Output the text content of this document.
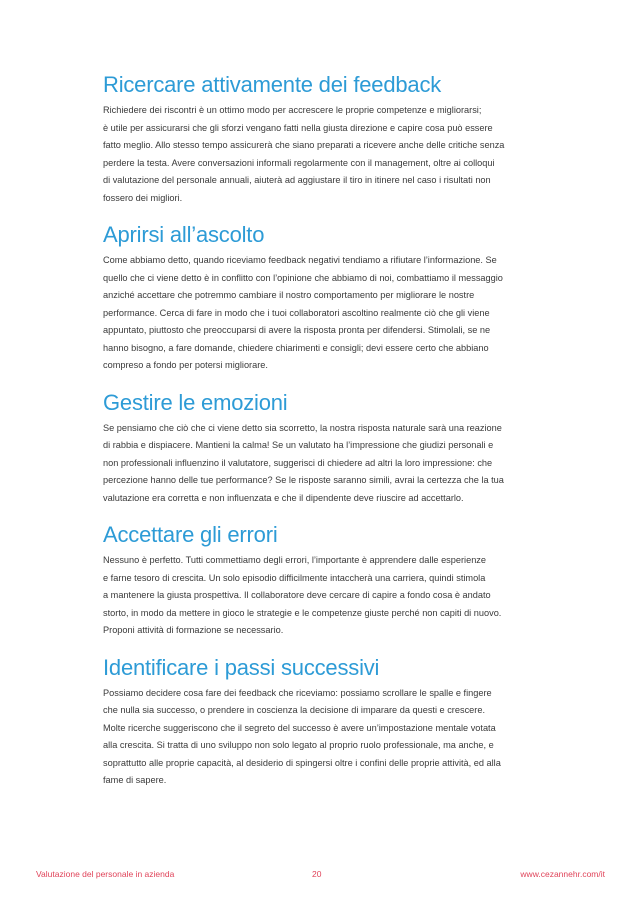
Ricercare attivamente dei feedback
Richiedere dei riscontri è un ottimo modo per accrescere le proprie competenze e migliorarsi;
è utile per assicurarsi che gli sforzi vengano fatti nella giusta direzione e capire cosa può essere
fatto meglio. Allo stesso tempo assicurerà che siano preparati a ricevere anche delle critiche senza
perdere la testa. Avere conversazioni informali regolarmente con il management, oltre ai colloqui
di valutazione del personale annuali, aiuterà ad aggiustare il tiro in itinere nel caso i risultati non
fossero dei migliori.
Aprirsi all’ascolto
Come abbiamo detto, quando riceviamo feedback negativi tendiamo a rifiutare l’informazione. Se
quello che ci viene detto è in conflitto con l’opinione che abbiamo di noi, combattiamo il messaggio
anziché accettare che potremmo cambiare il nostro comportamento per migliorare le nostre
performance. Cerca di fare in modo che i tuoi collaboratori ascoltino realmente ciò che gli viene
appuntato, piuttosto che preoccuparsi di avere la risposta pronta per difendersi. Stimolali, se ne
hanno bisogno, a fare domande, chiedere chiarimenti e consigli; devi essere certo che abbiano
compreso a fondo per potersi migliorare.
Gestire le emozioni
Se pensiamo che ciò che ci viene detto sia scorretto, la nostra risposta naturale sarà una reazione
di rabbia e dispiacere. Mantieni la calma! Se un valutato ha l’impressione che giudizi personali e
non professionali influenzino il valutatore, suggerisci di chiedere ad altri la loro impressione: che
percezione hanno delle tue performance? Se le risposte saranno simili, avrai la certezza che la tua
valutazione era corretta e non influenzata e che il dipendente deve riuscire ad accettarlo.
Accettare gli errori
Nessuno è perfetto. Tutti commettiamo degli errori, l’importante è apprendere dalle esperienze
e farne tesoro di crescita. Un solo episodio difficilmente intaccherà una carriera, quindi stimola
a mantenere la giusta prospettiva. Il collaboratore deve cercare di capire a fondo cosa è andato
storto, in modo da mettere in gioco le strategie e le competenze giuste perché non capiti di nuovo.
Proponi attività di formazione se necessario.
Identificare i passi successivi
Possiamo decidere cosa fare dei feedback che riceviamo: possiamo scrollare le spalle e fingere
che nulla sia successo, o prendere in coscienza la decisione di imparare da questi e crescere.
Molte ricerche suggeriscono che il segreto del successo è avere un’impostazione mentale votata
alla crescita. Si tratta di uno sviluppo non solo legato al proprio ruolo professionale, ma anche, e
soprattutto alle proprie capacità, al desiderio di spingersi oltre i confini delle proprie attività, ed alla
fame di sapere.
Valutazione del personale in azienda	20	www.cezannehr.com/it
